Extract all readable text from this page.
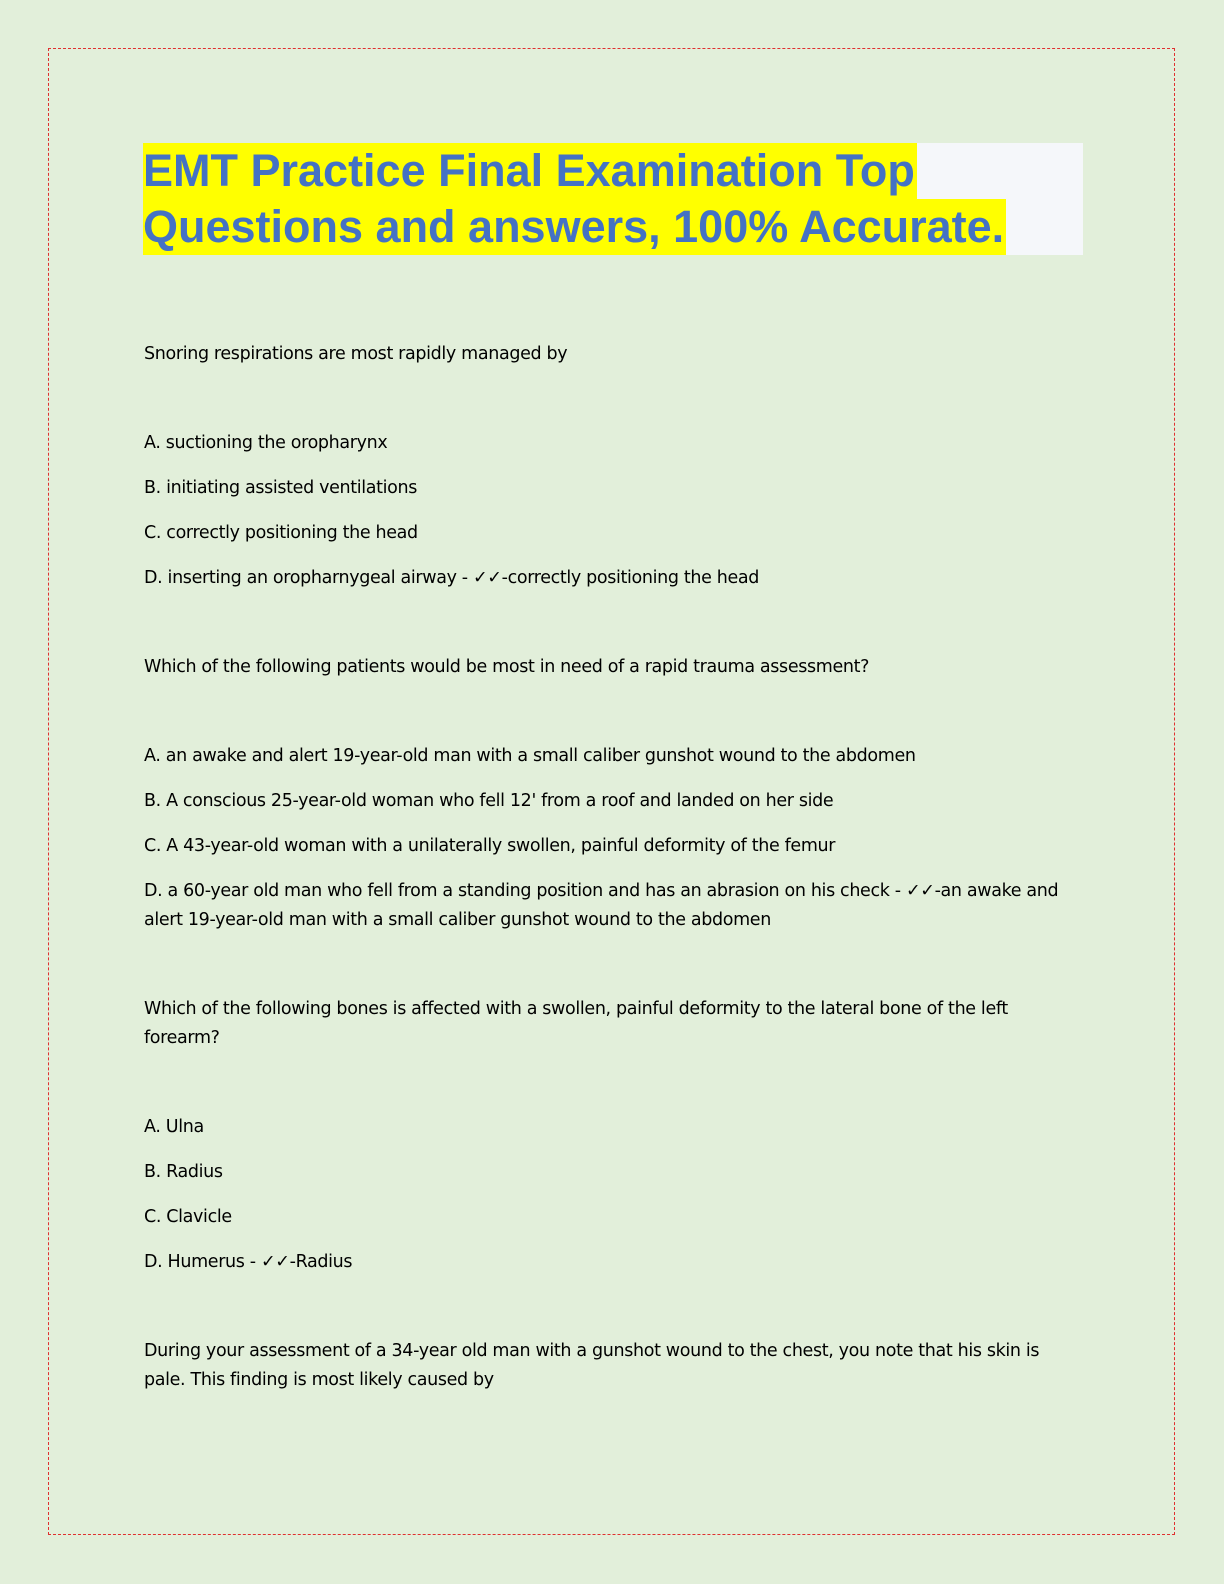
EMT Practice Final Examination Top
Questions and answers, 100% Accurate.

Snoring respirations are most rapidly managed by

A. suctioning the oropharynx

B. initiating assisted ventilations

C. correctly positioning the head

D. inserting an oropharnygeal airway - ✓✓-correctly positioning the head

Which of the following patients would be most in need of a rapid trauma assessment?

A. an awake and alert 19-year-old man with a small caliber gunshot wound to the abdomen

B. A conscious 25-year-old woman who fell 12' from a roof and landed on her side

C. A 43-year-old woman with a unilaterally swollen, painful deformity of the femur

D. a 60-year old man who fell from a standing position and has an abrasion on his check - ✓✓-an awake and alert 19-year-old man with a small caliber gunshot wound to the abdomen

Which of the following bones is affected with a swollen, painful deformity to the lateral bone of the left forearm?

A. Ulna

B. Radius

C. Clavicle

D. Humerus - ✓✓-Radius

During your assessment of a 34-year old man with a gunshot wound to the chest, you note that his skin is pale. This finding is most likely caused by
